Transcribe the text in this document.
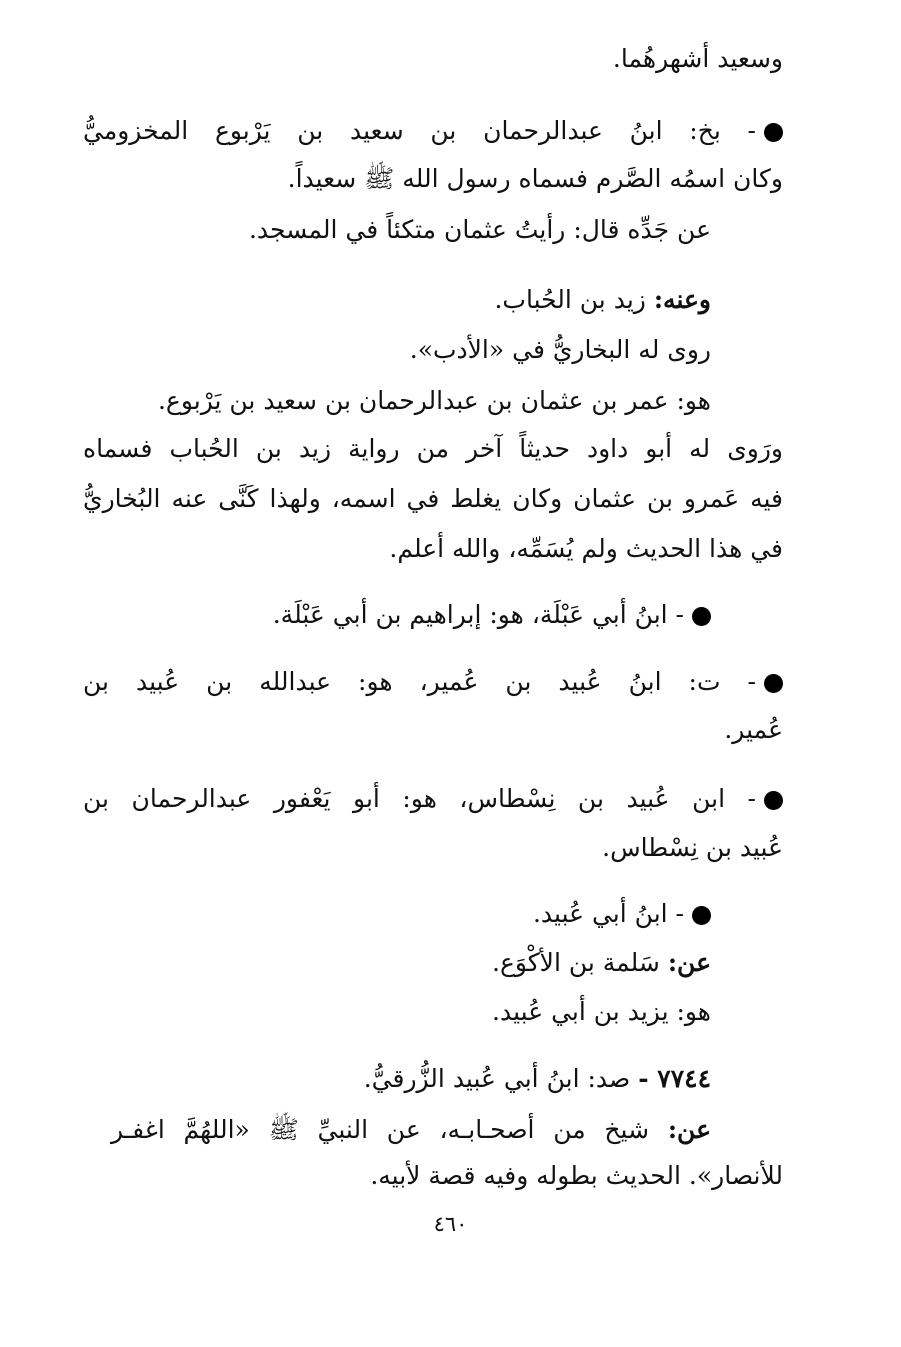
وسعيد أشهرهُما.
- بخ: ابنُ عبدالرحمان بن سعيد بن يَرْبوع المخزوميُّ
وكان اسمُه الصَّرم فسماه رسول الله ﷺ سعيداً.
عن جَدِّه قال: رأيتُ عثمان متكئاً في المسجد.
وعنه: زيد بن الحُباب.
روى له البخاريُّ في «الأدب».
هو: عمر بن عثمان بن عبدالرحمان بن سعيد بن يَرْبوع.
ورَوى له أبو داود حديثاً آخر من رواية زيد بن الحُباب فسماه
فيه عَمرو بن عثمان وكان يغلط في اسمه، ولهذا كَنَّى عنه البُخاريُّ
في هذا الحديث ولم يُسَمِّه، والله أعلم.
- ابنُ أبي عَبْلَة، هو: إبراهيم بن أبي عَبْلَة.
- ت: ابنُ عُبيد بن عُمير، هو: عبدالله بن عُبيد بن
عُمير.
- ابن عُبيد بن نِسْطاس، هو: أبو يَعْفور عبدالرحمان بن
عُبيد بن نِسْطاس.
- ابنُ أبي عُبيد.
عن: سَلمة بن الأكْوَع.
هو: يزيد بن أبي عُبيد.
٧٧٤٤ - صد: ابنُ أبي عُبيد الزُّرقيُّ.
عن: شيخ من أصحـابـه، عن النبيِّ ﷺ «اللهُمَّ اغفـر
للأنصار». الحديث بطوله وفيه قصة لأبيه.
٤٦٠
